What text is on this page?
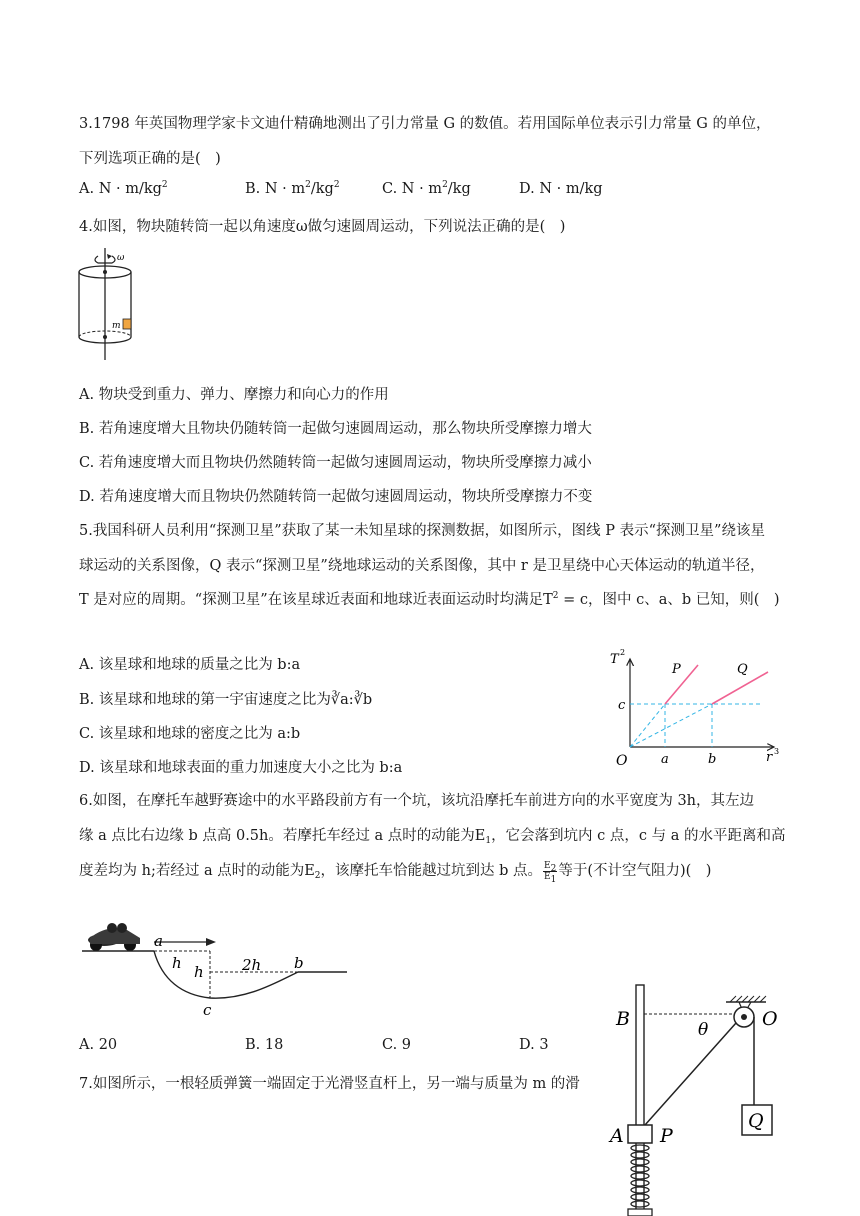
3.1798 年英国物理学家卡文迪什精确地测出了引力常量 G 的数值。若用国际单位表示引力常量 G 的单位，
下列选项正确的是(　)
A. $N \cdot m/kg^2$	B. $N \cdot m^2/kg^2$	C. $N \cdot m^2/kg$	D. N · m/kg
4.如图，物块随转筒一起以角速度ω做匀速圆周运动，下列说法正确的是(　)
ω
m
A. 物块受到重力、弹力、摩擦力和向心力的作用
B. 若角速度增大且物块仍随转筒一起做匀速圆周运动，那么物块所受摩擦力增大
C. 若角速度增大而且物块仍然随转筒一起做匀速圆周运动，物块所受摩擦力减小
D. 若角速度增大而且物块仍然随转筒一起做匀速圆周运动，物块所受摩擦力不变
5.我国科研人员利用“探测卫星”获取了某一未知星球的探测数据，如图所示，图线 P 表示“探测卫星”绕该星
球运动的关系图像，Q 表示“探测卫星”绕地球运动的关系图像，其中 r 是卫星绕中心天体运动的轨道半径，
T 是对应的周期。“探测卫星”在该星球近表面和地球近表面运动时均满足$T^2 = c$，图中 c、a、b 已知，则(　)
A. 该星球和地球的质量之比为 b:a
B. 该星球和地球的第一宇宙速度之比为∛a:∛b
C. 该星球和地球的密度之比为 a:b
D. 该星球和地球表面的重力加速度大小之比为 b:a
T 2
r 3
O
P	Q
c
a	b
6.如图，在摩托车越野赛途中的水平路段前方有一个坑，该坑沿摩托车前进方向的水平宽度为 3h，其左边
缘 a 点比右边缘 b 点高 0.5h。若摩托车经过 a 点时的动能为$E_1$，它会落到坑内 c 点，c 与 a 的水平距离和高
度差均为 h;若经过 a 点时的动能为$E_2$，该摩托车恰能越过坑到达 b 点。 $\frac{E_2}{E_1}$ 等于(不计空气阻力)(　)
a
h h	2h b
c
A. 20	B. 18	C. 9	D. 3
7.如图所示，一根轻质弹簧一端固定于光滑竖直杆上，另一端与质量为 m 的滑
B	O
θ
Q
A P
